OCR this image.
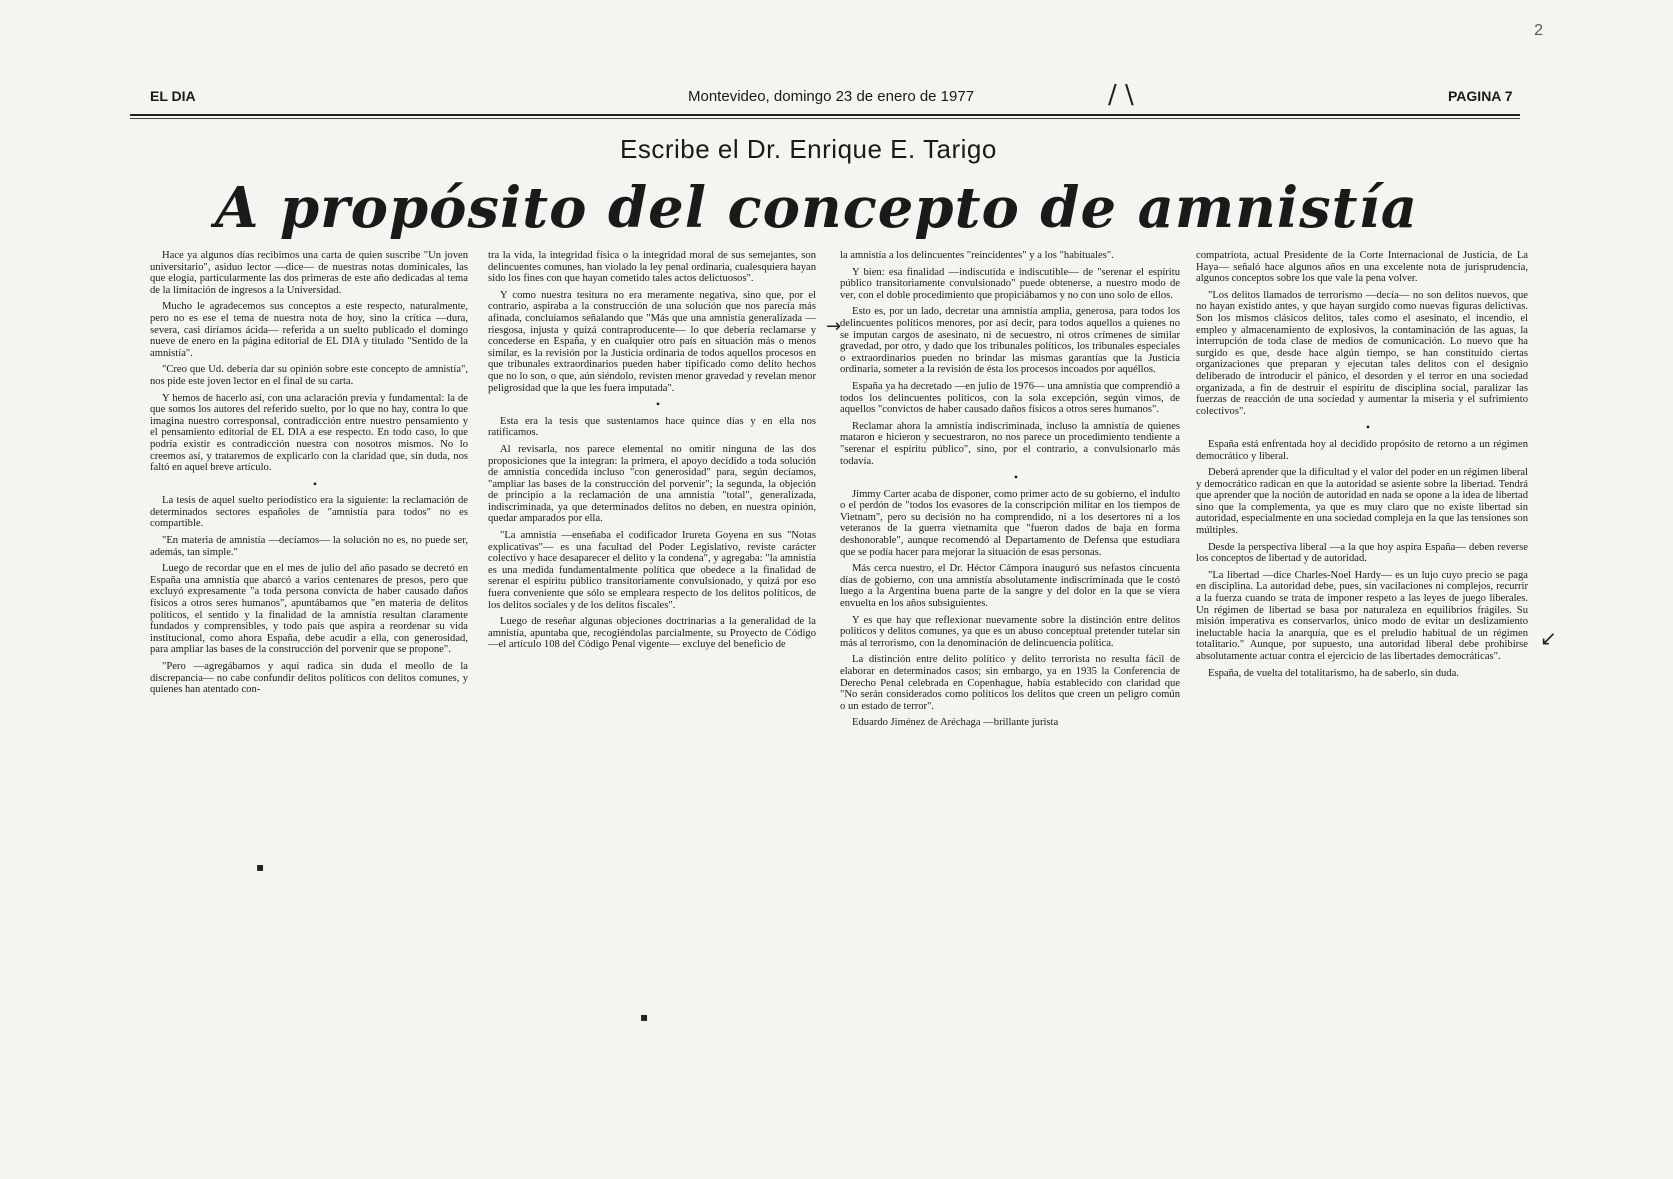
2
EL DIA	Montevideo, domingo 23 de enero de 1977	PAGINA 7
/ \
Escribe el Dr. Enrique E. Tarigo
A propósito del concepto de amnistía

Hace ya algunos días recibimos una carta de quien suscribe "Un joven universitario", asiduo lector —dice— de nuestras notas dominicales, las que elogia, particularmente las dos primeras de este año dedicadas al tema de la limitación de ingresos a la Universidad.

Mucho le agradecemos sus conceptos a este respecto, naturalmente, pero no es ese el tema de nuestra nota de hoy, sino la crítica —dura, severa, casi diríamos ácida— referida a un suelto publicado el domingo nueve de enero en la página editorial de EL DIA y titulado "Sentido de la amnistía".

"Creo que Ud. debería dar su opinión sobre este concepto de amnistía", nos pide este joven lector en el final de su carta.

Y hemos de hacerlo así, con una aclaración previa y fundamental: la de que somos los autores del referido suelto, por lo que no hay, contra lo que imagina nuestro corresponsal, contradicción entre nuestro pensamiento y el pensamiento editorial de EL DIA a ese respecto. En todo caso, lo que podría existir es contradicción nuestra con nosotros mismos. No lo creemos así, y trataremos de explicarlo con la claridad que, sin duda, nos faltó en aquel breve artículo.

•

La tesis de aquel suelto periodístico era la siguiente: la reclamación de determinados sectores españoles de "amnistía para todos" no es compartible.

"En materia de amnistía —decíamos— la solución no es, no puede ser, además, tan simple."

Luego de recordar que en el mes de julio del año pasado se decretó en España una amnistía que abarcó a varios centenares de presos, pero que excluyó expresamente "a toda persona convicta de haber causado daños físicos a otros seres humanos", apuntábamos que "en materia de delitos políticos, el sentido y la finalidad de la amnistía resultan claramente fundados y comprensibles, y todo país que aspira a reordenar su vida institucional, como ahora España, debe acudir a ella, con generosidad, para ampliar las bases de la construcción del porvenir que se propone".

"Pero —agregábamos y aquí radica sin duda el meollo de la discrepancia— no cabe confundir delitos políticos con delitos comunes, y quienes han atentado con-

tra la vida, la integridad física o la integridad moral de sus semejantes, son delincuentes comunes, han violado la ley penal ordinaria, cualesquiera hayan sido los fines con que hayan cometido tales actos delictuosos".

Y como nuestra tesitura no era meramente negativa, sino que, por el contrario, aspiraba a la construcción de una solución que nos parecía más afinada, concluíamos señalando que "Más que una amnistía generalizada —riesgosa, injusta y quizá contraproducente— lo que debería reclamarse y concederse en España, y en cualquier otro país en situación más o menos similar, es la revisión por la Justicia ordinaria de todos aquellos procesos en que tribunales extraordinarios pueden haber tipificado como delito hechos que no lo son, o que, aún siéndolo, revisten menor gravedad y revelan menor peligrosidad que la que les fuera imputada".

•

Esta era la tesis que sustentamos hace quince días y en ella nos ratificamos.

Al revisarla, nos parece elemental no omitir ninguna de las dos proposiciones que la integran: la primera, el apoyo decidido a toda solución de amnistía concedida incluso "con generosidad" para, según decíamos, "ampliar las bases de la construcción del porvenir"; la segunda, la objeción de principio a la reclamación de una amnistía "total", generalizada, indiscriminada, ya que determinados delitos no deben, en nuestra opinión, quedar amparados por ella.

"La amnistía —enseñaba el codificador Irureta Goyena en sus "Notas explicativas"— es una facultad del Poder Legislativo, reviste carácter colectivo y hace desaparecer el delito y la condena", y agregaba: "la amnistía es una medida fundamentalmente política que obedece a la finalidad de serenar el espíritu público transitoriamente convulsionado, y quizá por eso fuera conveniente que sólo se empleara respecto de los delitos políticos, de los delitos sociales y de los delitos fiscales".

Luego de reseñar algunas objeciones doctrinarias a la generalidad de la amnistía, apuntaba que, recogiéndolas parcialmente, su Proyecto de Código —el artículo 108 del Código Penal vigente— excluye del beneficio de

la amnistía a los delincuentes "reincidentes" y a los "habituales".

Y bien: esa finalidad —indiscutida e indiscutible— de "serenar el espíritu público transitoriamente convulsionado" puede obtenerse, a nuestro modo de ver, con el doble procedimiento que propiciábamos y no con uno solo de ellos.

Esto es, por un lado, decretar una amnistía amplia, generosa, para todos los delincuentes políticos menores, por así decir, para todos aquellos a quienes no se imputan cargos de asesinato, ni de secuestro, ni otros crímenes de similar gravedad, por otro, y dado que los tribunales políticos, los tribunales especiales o extraordinarios pueden no brindar las mismas garantías que la Justicia ordinaria, someter a la revisión de ésta los procesos incoados por aquéllos.

España ya ha decretado —en julio de 1976— una amnistía que comprendió a todos los delincuentes políticos, con la sola excepción, según vimos, de aquellos "convictos de haber causado daños físicos a otros seres humanos".

Reclamar ahora la amnistía indiscriminada, incluso la amnistía de quienes mataron e hicieron y secuestraron, no nos parece un procedimiento tendiente a "serenar el espíritu público", sino, por el contrario, a convulsionarlo más todavía.

•

Jimmy Carter acaba de disponer, como primer acto de su gobierno, el indulto o el perdón de "todos los evasores de la conscripción militar en los tiempos de Vietnam", pero su decisión no ha comprendido, ni a los desertores ni a los veteranos de la guerra vietnamita que "fueron dados de baja en forma deshonorable", aunque recomendó al Departamento de Defensa que estudiara que se podía hacer para mejorar la situación de esas personas.

Más cerca nuestro, el Dr. Héctor Cámpora inauguró sus nefastos cincuenta días de gobierno, con una amnistía absolutamente indiscriminada que le costó luego a la Argentina buena parte de la sangre y del dolor en la que se viera envuelta en los años subsiguientes.

Y es que hay que reflexionar nuevamente sobre la distinción entre delitos políticos y delitos comunes, ya que es un abuso conceptual pretender tutelar sin más al terrorismo, con la denominación de delincuencia política.

La distinción entre delito político y delito terrorista no resulta fácil de elaborar en determinados casos; sin embargo, ya en 1935 la Conferencia de Derecho Penal celebrada en Copenhague, había establecido con claridad que "No serán considerados como políticos los delitos que creen un peligro común o un estado de terror".

Eduardo Jiménez de Aréchaga —brillante jurista

compatriota, actual Presidente de la Corte Internacional de Justicia, de La Haya— señaló hace algunos años en una excelente nota de jurisprudencia, algunos conceptos sobre los que vale la pena volver.

"Los delitos llamados de terrorismo —decía— no son delitos nuevos, que no hayan existido antes, y que hayan surgido como nuevas figuras delictivas. Son los mismos clásicos delitos, tales como el asesinato, el incendio, el empleo y almacenamiento de explosivos, la contaminación de las aguas, la interrupción de toda clase de medios de comunicación. Lo nuevo que ha surgido es que, desde hace algún tiempo, se han constituido ciertas organizaciones que preparan y ejecutan tales delitos con el designio deliberado de introducir el pánico, el desorden y el terror en una sociedad organizada, a fin de destruir el espíritu de disciplina social, paralizar las fuerzas de reacción de una sociedad y aumentar la miseria y el sufrimiento colectivos".

•

España está enfrentada hoy al decidido propósito de retorno a un régimen democrático y liberal.

Deberá aprender que la dificultad y el valor del poder en un régimen liberal y democrático radican en que la autoridad se asiente sobre la libertad. Tendrá que aprender que la noción de autoridad en nada se opone a la idea de libertad sino que la complementa, ya que es muy claro que no existe libertad sin autoridad, especialmente en una sociedad compleja en la que las tensiones son múltiples.

Desde la perspectiva liberal —a la que hoy aspira España— deben reverse los conceptos de libertad y de autoridad.

"La libertad —dice Charles-Noel Hardy— es un lujo cuyo precio se paga en disciplina. La autoridad debe, pues, sin vacilaciones ni complejos, recurrir a la fuerza cuando se trata de imponer respeto a las leyes de juego liberales. Un régimen de libertad se basa por naturaleza en equilibrios frágiles. Su misión imperativa es conservarlos, único modo de evitar un deslizamiento ineluctable hacia la anarquía, que es el preludio habitual de un régimen totalitario." Aunque, por supuesto, una autoridad liberal debe prohibirse absolutamente actuar contra el ejercicio de las libertades democráticas".

España, de vuelta del totalitarismo, ha de saberlo, sin duda.

→
↙
▪
▪
